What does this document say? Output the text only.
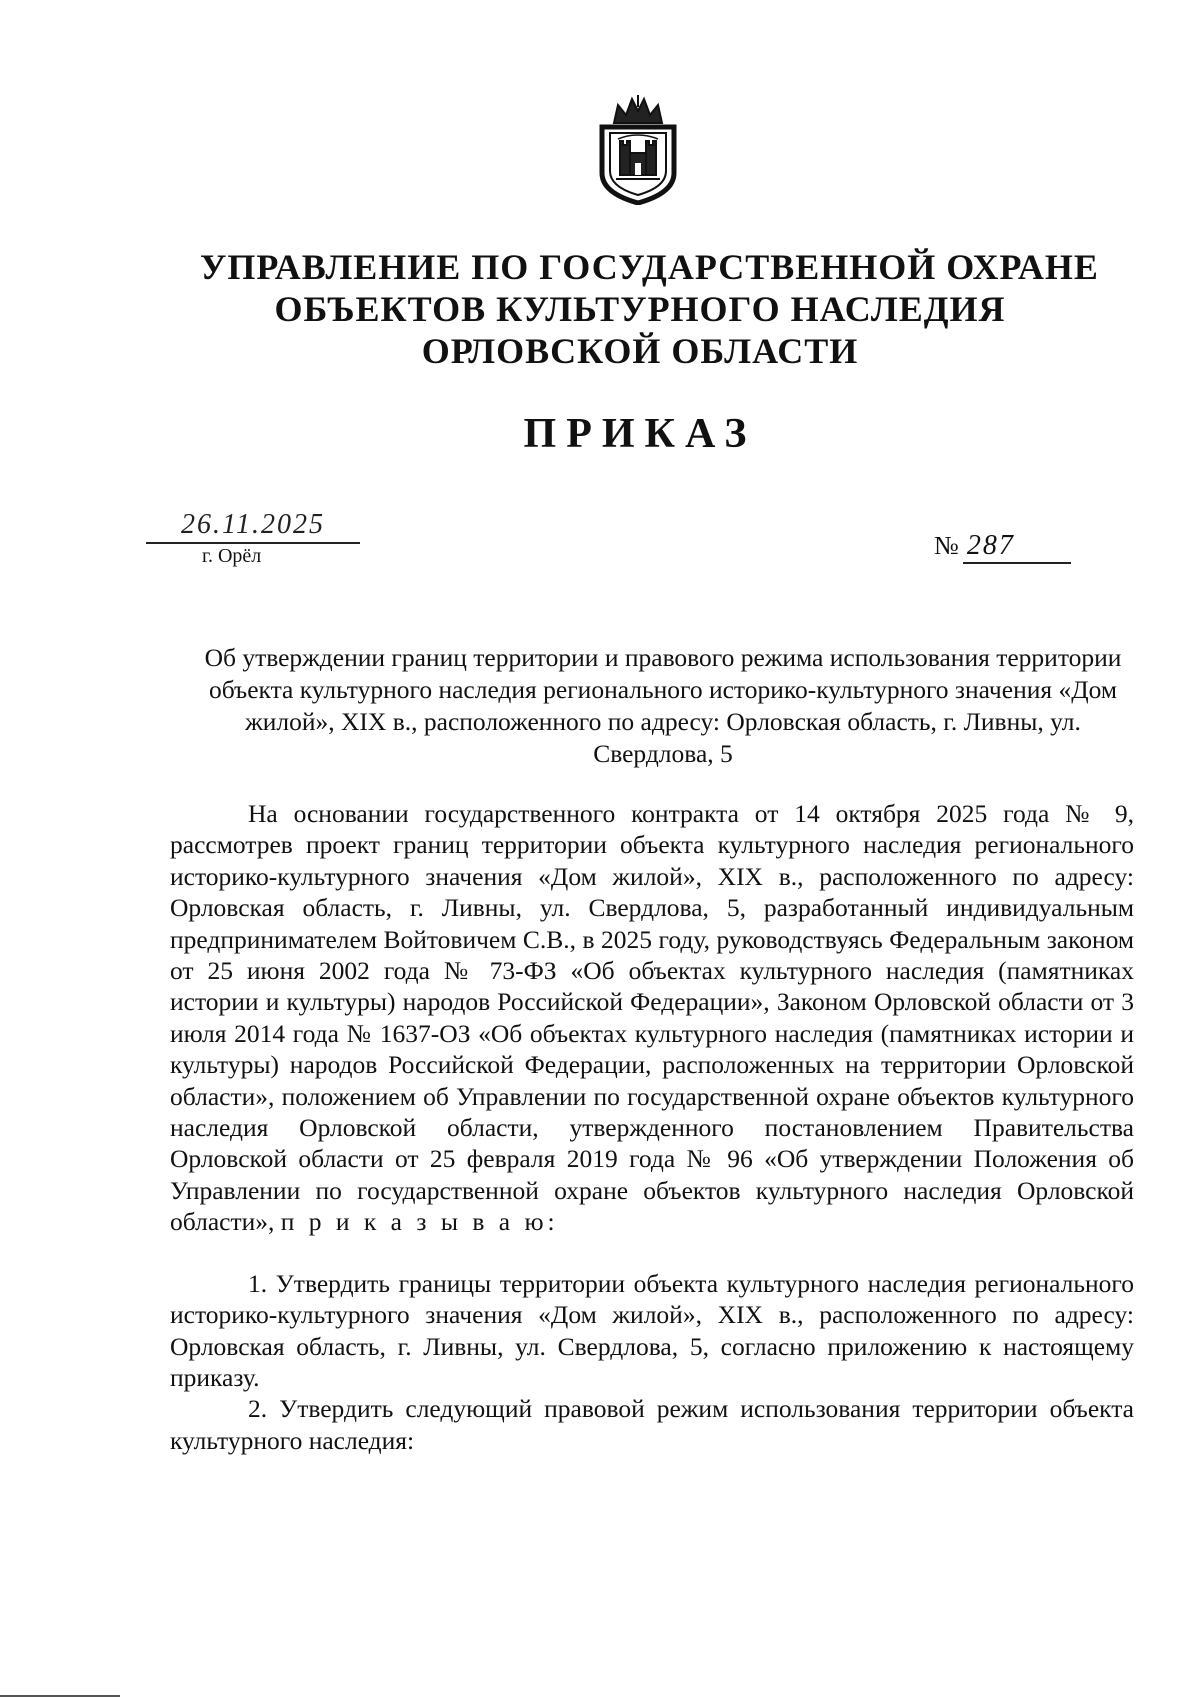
УПРАВЛЕНИЕ ПО ГОСУДАРСТВЕННОЙ ОХРАНЕ
ОБЪЕКТОВ КУЛЬТУРНОГО НАСЛЕДИЯ
ОРЛОВСКОЙ ОБЛАСТИ
ПРИКАЗ
26.11.2025
г. Орёл	№ 287
Об утверждении границ территории и правового режима использования территории объекта культурного наследия регионального историко-культурного значения «Дом жилой», XIX в., расположенного по адресу: Орловская область, г. Ливны, ул. Свердлова, 5

На основании государственного контракта от 14 октября 2025 года № 9, рассмотрев проект границ территории объекта культурного наследия регионального историко-культурного значения «Дом жилой», XIX в., расположенного по адресу: Орловская область, г. Ливны, ул. Свердлова, 5, разработанный индивидуальным предпринимателем Войтовичем С.В., в 2025 году, руководствуясь Федеральным законом от 25 июня 2002 года № 73-ФЗ «Об объектах культурного наследия (памятниках истории и культуры) народов Российской Федерации», Законом Орловской области от 3 июля 2014 года № 1637-ОЗ «Об объектах культурного наследия (памятниках истории и культуры) народов Российской Федерации, расположенных на территории Орловской области», положением об Управлении по государственной охране объектов культурного наследия Орловской области, утвержденного постановлением Правительства Орловской области от 25 февраля 2019 года № 96 «Об утверждении Положения об Управлении по государственной охране объектов культурного наследия Орловской области», п р и к а з ы в а ю:

1. Утвердить границы территории объекта культурного наследия регионального историко-культурного значения «Дом жилой», XIX в., расположенного по адресу: Орловская область, г. Ливны, ул. Свердлова, 5, согласно приложению к настоящему приказу.

2. Утвердить следующий правовой режим использования территории объекта культурного наследия:
